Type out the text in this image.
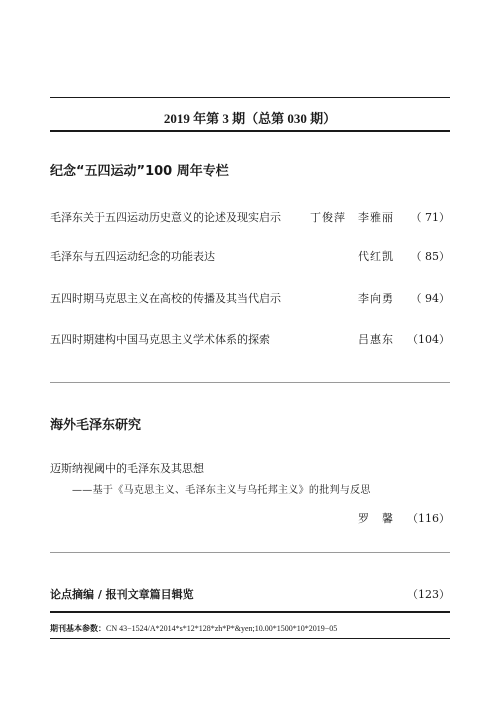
2019 年第 3 期（总第 030 期）
纪念“五四运动”100 周年专栏
毛泽东关于五四运动历史意义的论述及现实启示	丁俊萍　李雅丽 （ 71）
毛泽东与五四运动纪念的功能表达	代红凯 （ 85）
五四时期马克思主义在高校的传播及其当代启示	李向勇 （ 94）
五四时期建构中国马克思主义学术体系的探索	吕惠东 （104）
海外毛泽东研究
迈斯纳视阈中的毛泽东及其思想
——基于《马克思主义、毛泽东主义与乌托邦主义》的批判与反思
罗　馨 （116）
论点摘编 / 报刊文章篇目辑览	（123）
期刊基本参数：CN 43−1524/A*2014*s*12*128*zh*P*&yen;10.00*1500*10*2019−05
